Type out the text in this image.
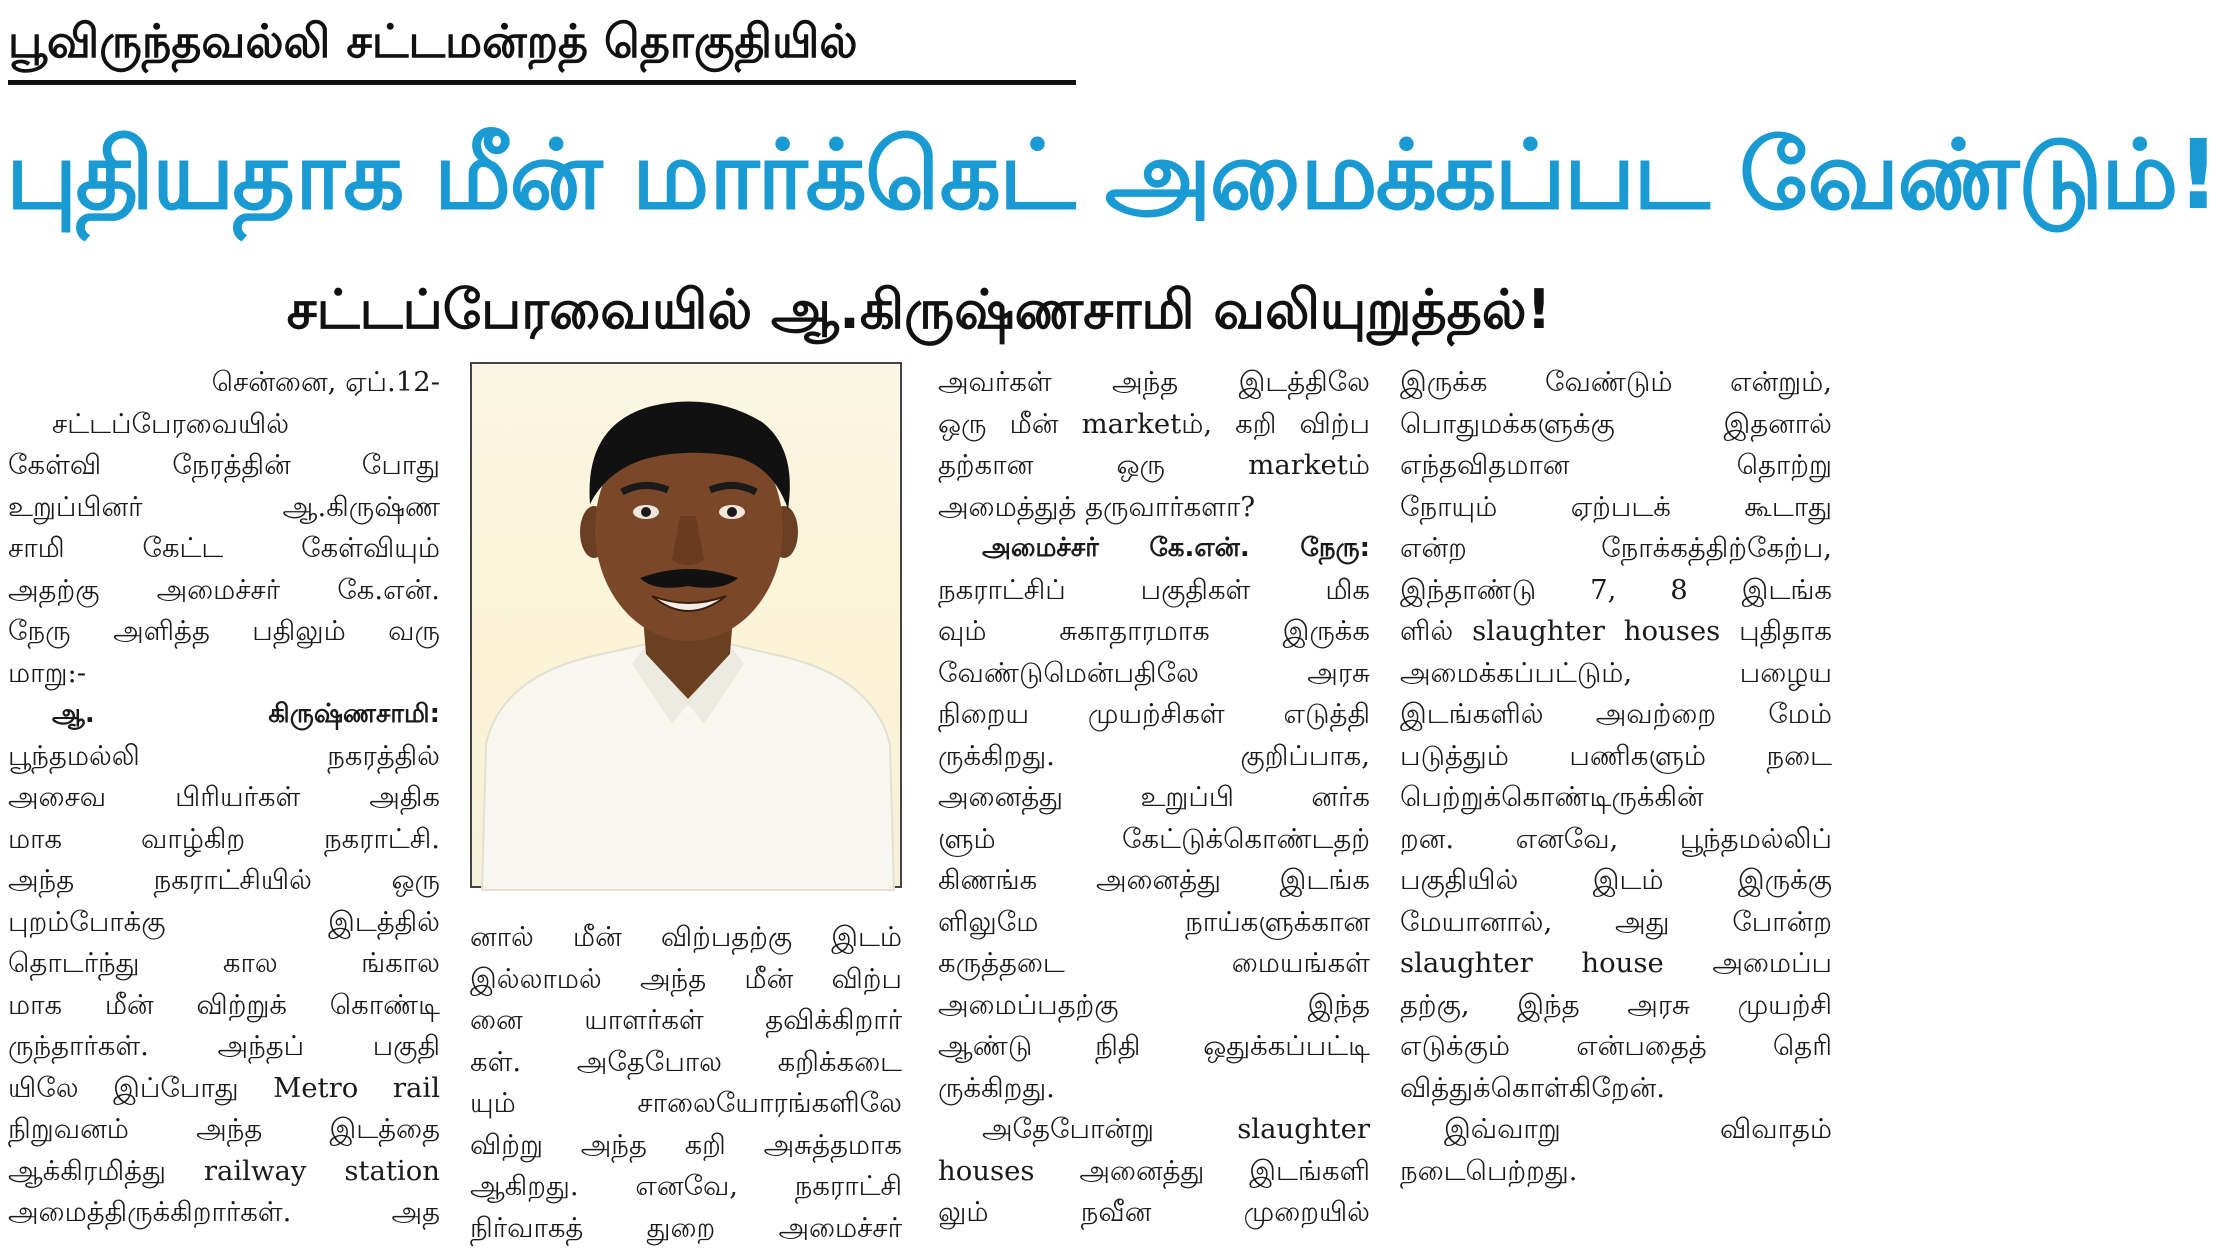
பூவிருந்தவல்லி சட்டமன்றத் தொகுதியில்
புதியதாக மீன் மார்க்கெட் அமைக்கப்பட வேண்டும்!
சட்டப்பேரவையில் ஆ.கிருஷ்ணசாமி வலியுறுத்தல்!

சென்னை, ஏப்.12-

சட்டப்பேரவையில்

கேள்வி நேரத்தின் போது

உறுப்பினர் ஆ.கிருஷ்ண

சாமி கேட்ட கேள்வியும்

அதற்கு அமைச்சர் கே.என்.

நேரு அளித்த பதிலும் வரு

மாறு:-

ஆ. கிருஷ்ணசாமி:

பூந்தமல்லி நகரத்தில்

அசைவ பிரியர்கள் அதிக

மாக வாழ்கிற நகராட்சி.

அந்த நகராட்சியில் ஒரு

புறம்போக்கு இடத்தில்

தொடர்ந்து கால ங்கால

மாக மீன் விற்றுக் கொண்டி

ருந்தார்கள். அந்தப் பகுதி

யிலே இப்போது Metro rail

நிறுவனம் அந்த இடத்தை

ஆக்கிரமித்து railway station

அமைத்திருக்கிறார்கள். அத

னால் மீன் விற்பதற்கு இடம்

இல்லாமல் அந்த மீன் விற்ப

னை யாளர்கள் தவிக்கிறார்

கள். அதேபோல கறிக்கடை

யும் சாலையோரங்களிலே

விற்று அந்த கறி அசுத்தமாக

ஆகிறது. எனவே, நகராட்சி

நிர்வாகத் துறை அமைச்சர்

அவர்கள் அந்த இடத்திலே

ஒரு மீன் marketம், கறி விற்ப

தற்கான ஒரு marketம்

அமைத்துத் தருவார்களா?

அமைச்சர் கே.என். நேரு:

நகராட்சிப் பகுதிகள் மிக

வும் சுகாதாரமாக இருக்க

வேண்டுமென்பதிலே அரசு

நிறைய முயற்சிகள் எடுத்தி

ருக்கிறது. குறிப்பாக,

அனைத்து உறுப்பி னர்க

ளும் கேட்டுக்கொண்டதற்

கிணங்க அனைத்து இடங்க

ளிலுமே நாய்களுக்கான

கருத்தடை மையங்கள்

அமைப்பதற்கு இந்த

ஆண்டு நிதி ஒதுக்கப்பட்டி

ருக்கிறது.

அதேபோன்று slaughter

houses அனைத்து இடங்களி

லும் நவீன முறையில்

இருக்க வேண்டும் என்றும்,

பொதுமக்களுக்கு இதனால்

எந்தவிதமான தொற்று

நோயும் ஏற்படக் கூடாது

என்ற நோக்கத்திற்கேற்ப,

இந்தாண்டு 7, 8 இடங்க

ளில் slaughter houses புதிதாக

அமைக்கப்பட்டும், பழைய

இடங்களில் அவற்றை மேம்

படுத்தும் பணிகளும் நடை

பெற்றுக்கொண்டிருக்கின்

றன. எனவே, பூந்தமல்லிப்

பகுதியில் இடம் இருக்கு

மேயானால், அது போன்ற

slaughter house அமைப்ப

தற்கு, இந்த அரசு முயற்சி

எடுக்கும் என்பதைத் தெரி

வித்துக்கொள்கிறேன்.

இவ்வாறு விவாதம்

நடைபெற்றது.
